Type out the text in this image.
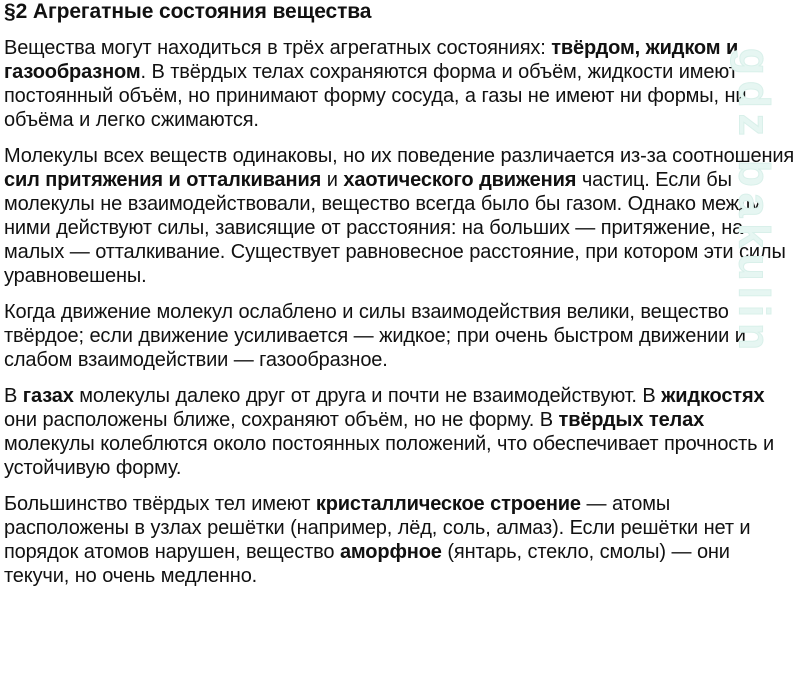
§2 Агрегатные состояния вещества

Вещества могут находиться в трёх агрегатных состояниях: твёрдом, жидком и газообразном. В твёрдых телах сохраняются форма и объём, жидкости имеют постоянный объём, но принимают форму сосуда, а газы не имеют ни формы, ни объёма и легко сжимаются.

Молекулы всех веществ одинаковы, но их поведение различается из-за соотношения сил притяжения и отталкивания и хаотического движения частиц. Если бы молекулы не взаимодействовали, вещество всегда было бы газом. Однако между ними действуют силы, зависящие от расстояния: на больших — притяжение, на малых — отталкивание. Существует равновесное расстояние, при котором эти силы уравновешены.

Когда движение молекул ослаблено и силы взаимодействия велики, вещество твёрдое; если движение усиливается — жидкое; при очень быстром движении и слабом взаимодействии — газообразное.

В газах молекулы далеко друг от друга и почти не взаимодействуют. В жидкостях они расположены ближе, сохраняют объём, но не форму. В твёрдых телах молекулы колеблются около постоянных положений, что обеспечивает прочность и устойчивую форму.

Большинство твёрдых тел имеют кристаллическое строение — атомы расположены в узлах решётки (например, лёд, соль, алмаз). Если решётки нет и порядок атомов нарушен, вещество аморфное (янтарь, стекло, смолы) — они текучи, но очень медленно.

gdz bakulin
